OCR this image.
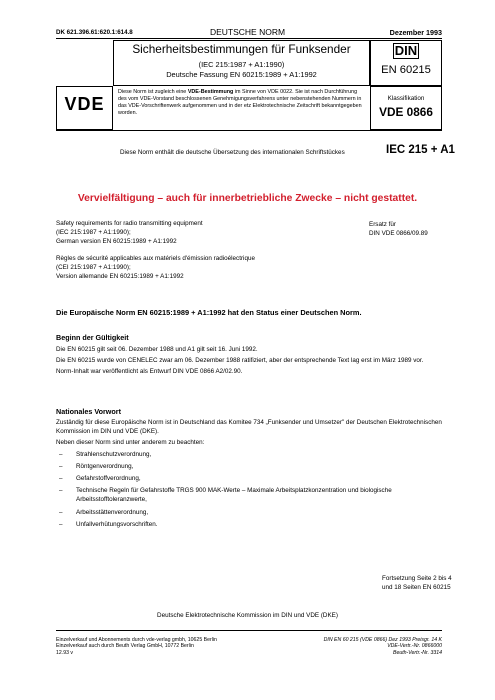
DK 621.396.61:620.1:614.8	DEUTSCHE NORM	Dezember 1993
Sicherheitsbestimmungen für Funksender
(IEC 215:1987 + A1:1990)
Deutsche Fassung EN 60215:1989 + A1:1992
DIN
EN 60215
VDE
Diese Norm ist zugleich eine VDE-Bestimmung im Sinne von VDE 0022. Sie ist nach Durchführung des vom VDE-Vorstand beschlossenen Genehmigungsverfahrens unter nebenstehenden Nummern in das VDE-Vorschriftenwerk aufgenommen und in der etz Elektrotechnische Zeitschrift bekanntgegeben worden.
Klassifikation
VDE 0866
Diese Norm enthält die deutsche Übersetzung des internationalen Schriftstückes	IEC 215 + A1
Vervielfältigung – auch für innerbetriebliche Zwecke – nicht gestattet.
Safety requirements for radio transmitting equipment
(IEC 215:1987 + A1:1990);
German version EN 60215:1989 + A1:1992
Ersatz für
DIN VDE 0866/09.89
Règles de sécurité applicables aux matériels d'émission radioélectrique
(CEI 215:1987 + A1:1990);
Version allemande EN 60215:1989 + A1:1992
Die Europäische Norm EN 60215:1989 + A1:1992 hat den Status einer Deutschen Norm.
Beginn der Gültigkeit
Die EN 60215 gilt seit 06. Dezember 1988 und A1 gilt seit 16. Juni 1992.
Die EN 60215 wurde von CENELEC zwar am 06. Dezember 1988 ratifiziert, aber der entsprechende Text lag erst im März 1989 vor.
Norm-Inhalt war veröffentlicht als Entwurf DIN VDE 0866 A2/02.90.
Nationales Vorwort
Zuständig für diese Europäische Norm ist in Deutschland das Komitee 734 „Funksender und Umsetzer" der Deutschen Elektrotechnischen Kommission im DIN und VDE (DKE).
Neben dieser Norm sind unter anderem zu beachten:
– Strahlenschutzverordnung,
– Röntgenverordnung,
– Gefahrstoffverordnung,
– Technische Regeln für Gefahrstoffe TRGS 900 MAK-Werte – Maximale Arbeitsplatzkonzentration und biologische Arbeitsstofftoleranzwerte,
– Arbeitsstättenverordnung,
– Unfallverhütungsvorschriften.
Fortsetzung Seite 2 bis 4
und 18 Seiten EN 60215
Deutsche Elektrotechnische Kommission im DIN und VDE (DKE)
Einzelverkauf und Abonnements durch vde-verlag gmbh, 10625 Berlin
Einzelverkauf auch durch Beuth Verlag GmbH, 10772 Berlin
12.93 v
DIN EN 60 215 (VDE 0866) Dez 1993 Preisgr. 14 K
VDE-Vertr.-Nr. 0866000
Beuth-Vertr.-Nr. 3314
